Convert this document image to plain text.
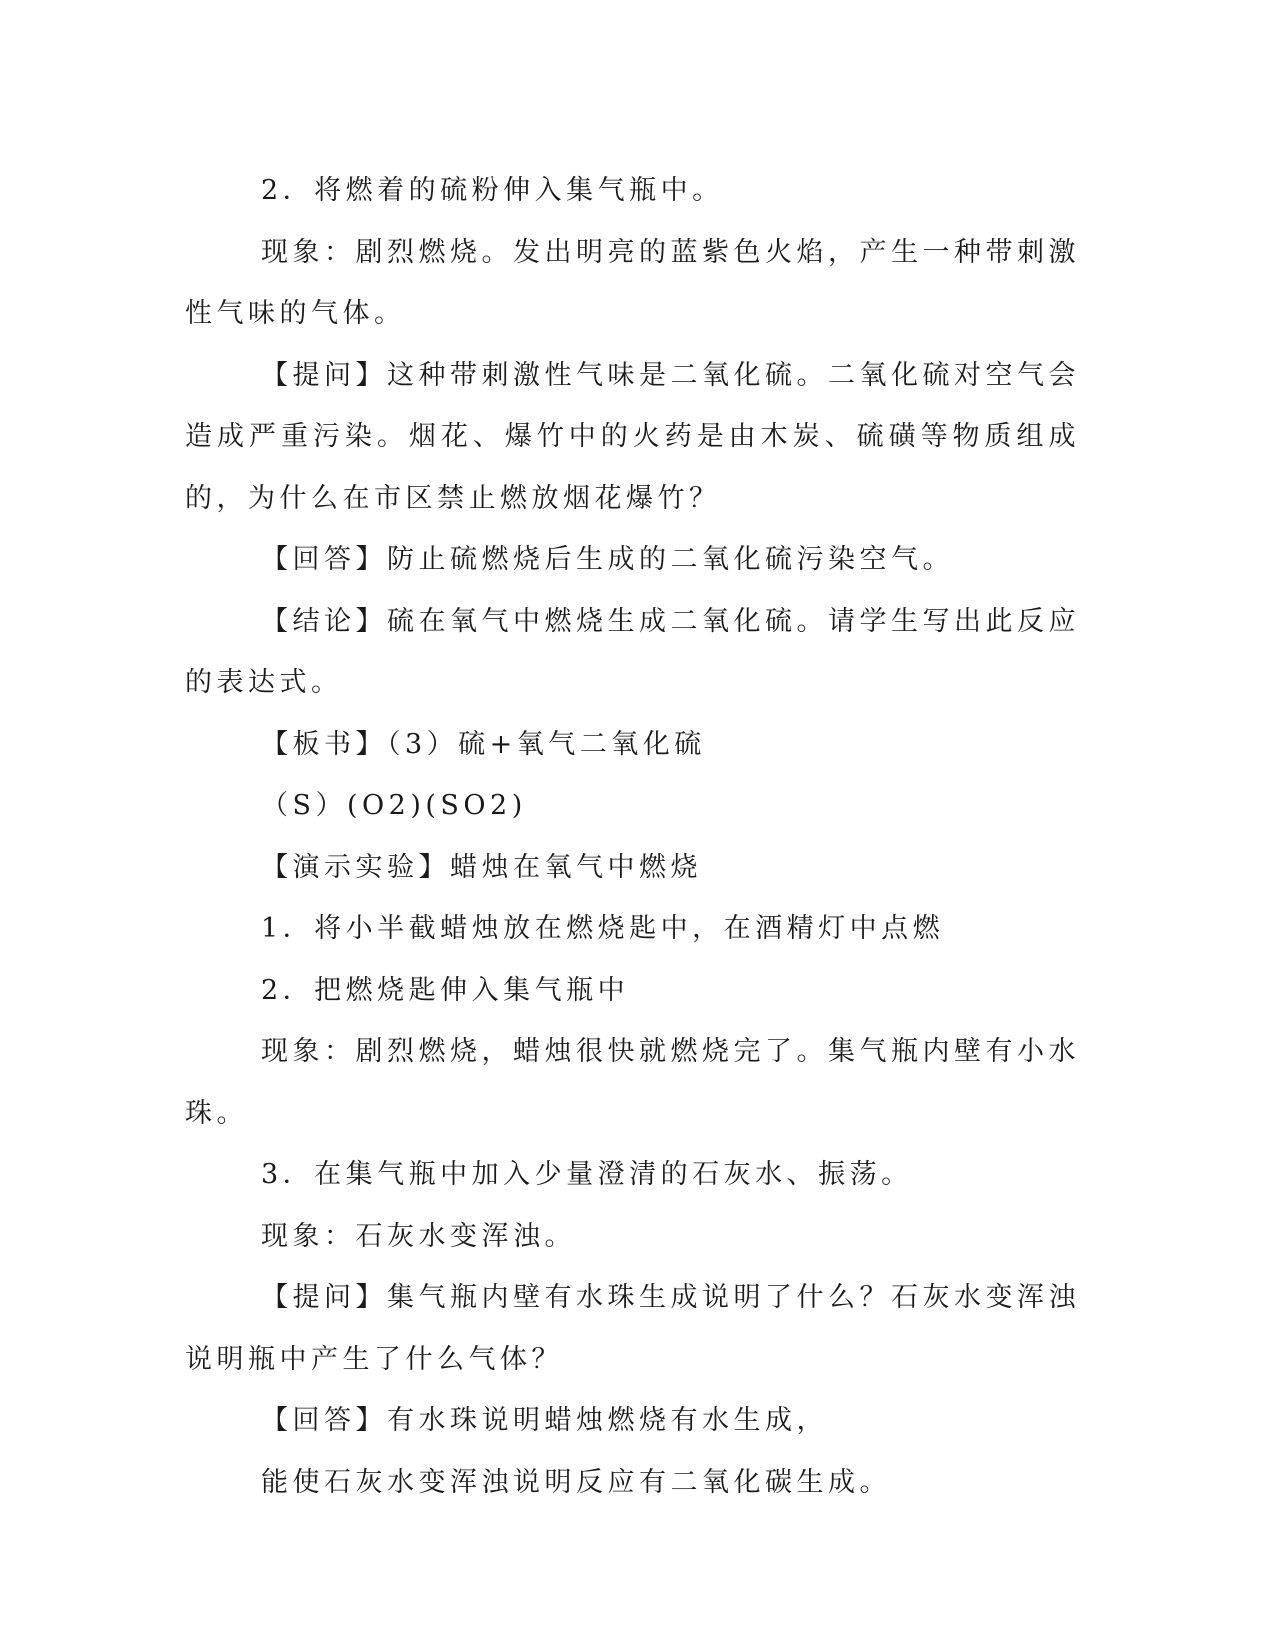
2．将燃着的硫粉伸入集气瓶中。

现象：剧烈燃烧。发出明亮的蓝紫色火焰，产生一种带刺激性气味的气体。

【提问】这种带刺激性气味是二氧化硫。二氧化硫对空气会造成严重污染。烟花、爆竹中的火药是由木炭、硫磺等物质组成的，为什么在市区禁止燃放烟花爆竹？

【回答】防止硫燃烧后生成的二氧化硫污染空气。

【结论】硫在氧气中燃烧生成二氧化硫。请学生写出此反应的表达式。

【板书】（3）硫+氧气二氧化硫

（S）(O2)(SO2)

【演示实验】蜡烛在氧气中燃烧

1．将小半截蜡烛放在燃烧匙中，在酒精灯中点燃

2．把燃烧匙伸入集气瓶中

现象：剧烈燃烧，蜡烛很快就燃烧完了。集气瓶内壁有小水珠。

3．在集气瓶中加入少量澄清的石灰水、振荡。

现象：石灰水变浑浊。

【提问】集气瓶内壁有水珠生成说明了什么？石灰水变浑浊说明瓶中产生了什么气体？

【回答】有水珠说明蜡烛燃烧有水生成，

能使石灰水变浑浊说明反应有二氧化碳生成。
